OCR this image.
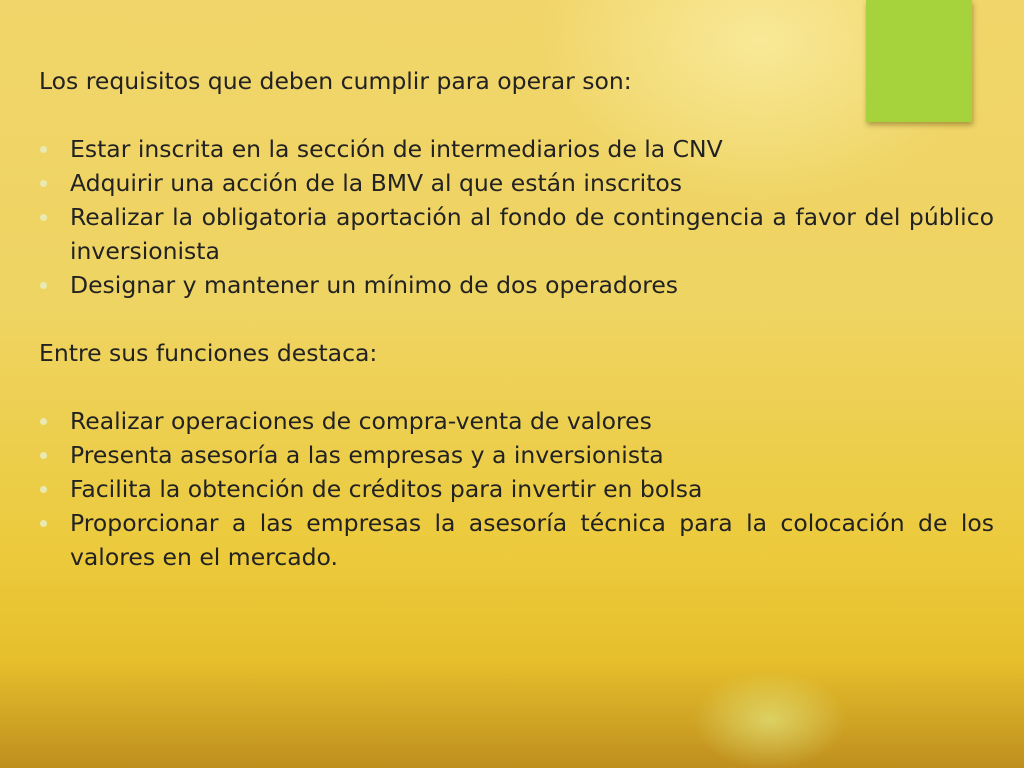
Los requisitos que deben cumplir para operar son:

Estar inscrita en la sección de intermediarios de la CNV
Adquirir una acción de la BMV al que están inscritos
Realizar la obligatoria aportación al fondo de contingencia a favor del público inversionista
Designar y mantener un mínimo de dos operadores

Entre sus funciones destaca:

Realizar operaciones de compra-venta de valores
Presenta asesoría a las empresas y a inversionista
Facilita la obtención de créditos para invertir en bolsa
Proporcionar a las empresas la asesoría técnica para la colocación de los valores en el mercado.
